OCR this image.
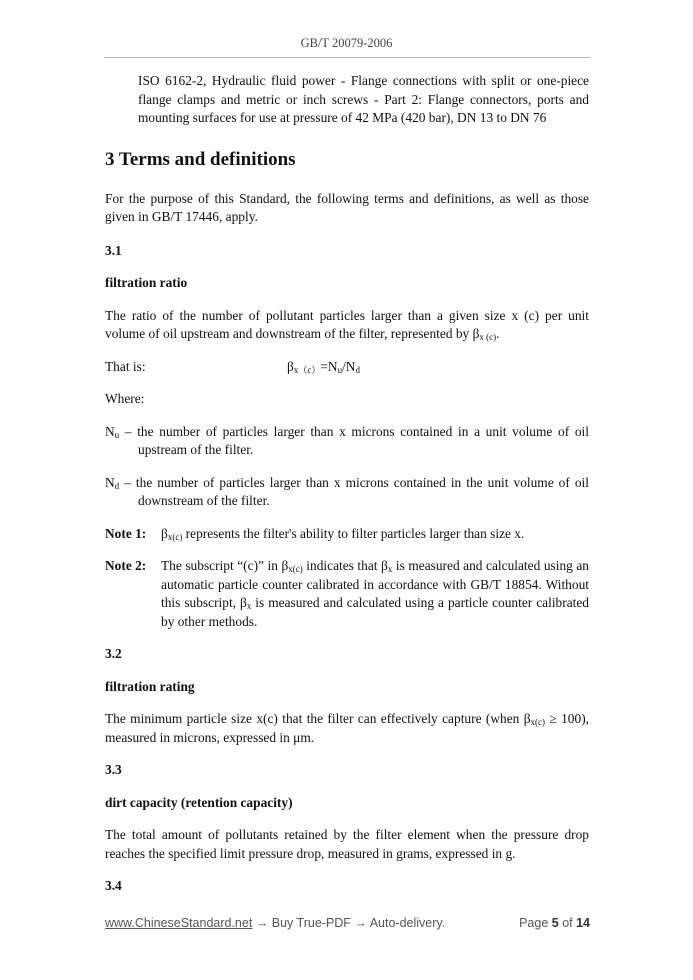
GB/T 20079-2006

ISO 6162-2, Hydraulic fluid power - Flange connections with split or one-piece flange clamps and metric or inch screws - Part 2: Flange connectors, ports and mounting surfaces for use at pressure of 42 MPa (420 bar), DN 13 to DN 76

3 Terms and definitions

For the purpose of this Standard, the following terms and definitions, as well as those given in GB/T 17446, apply.

3.1

filtration ratio

The ratio of the number of pollutant particles larger than a given size x (c) per unit volume of oil upstream and downstream of the filter, represented by $\beta_{x (c)}$.

That is:	$\beta_{x(c)}=N_u/N_d$

Where:

$N_u$ – the number of particles larger than x microns contained in a unit volume of oil upstream of the filter.

$N_d$ – the number of particles larger than x microns contained in the unit volume of oil downstream of the filter.

Note 1:	$\beta_{x(c)}$ represents the filter's ability to filter particles larger than size x.
Note 2:	The subscript “(c)” in $\beta_{x(c)}$ indicates that $\beta_x$ is measured and calculated using an automatic particle counter calibrated in accordance with GB/T 18854. Without this subscript, $\beta_x$ is measured and calculated using a particle counter calibrated by other methods.

3.2

filtration rating

The minimum particle size x(c) that the filter can effectively capture (when $\beta_{x(c)} \ge 100$), measured in microns, expressed in μm.

3.3

dirt capacity (retention capacity)

The total amount of pollutants retained by the filter element when the pressure drop reaches the specified limit pressure drop, measured in grams, expressed in g.

3.4

www.ChineseStandard.net → Buy True-PDF → Auto-delivery.	Page 5 of 14
